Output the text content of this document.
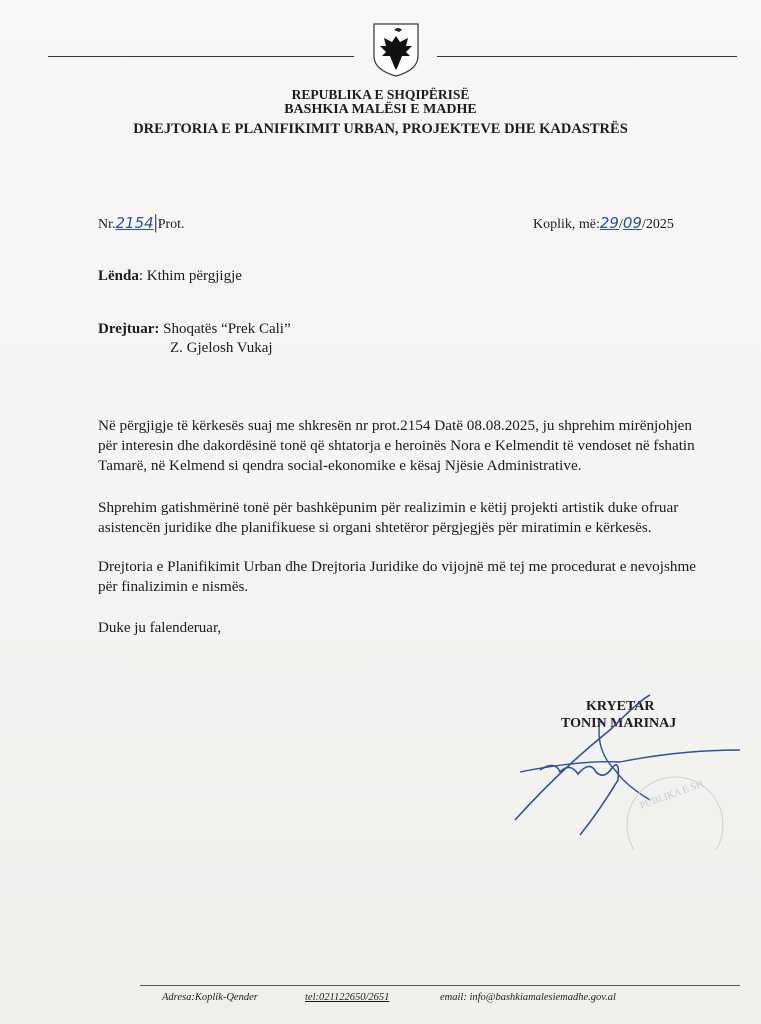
REPUBLIKA E SHQIPËRISË
BASHKIA MALËSI E MADHE
DREJTORIA E PLANIFIKIMIT URBAN, PROJEKTEVE DHE KADASTRËS
Nr.2154|Prot.	Koplik, më:29/09/2025
Lënda: Kthim përgjigje
Drejtuar: Shoqatës “Prek Cali”
Z. Gjelosh Vukaj
Në përgjigje të kërkesës suaj me shkresën nr prot.2154 Datë 08.08.2025, ju shprehim mirënjohjen
për interesin dhe dakordësinë tonë që shtatorja e heroinës Nora e Kelmendit të vendoset në fshatin
Tamarë, në Kelmend si qendra social-ekonomike e kësaj Njësie Administrative.
Shprehim gatishmërinë tonë për bashkëpunim për realizimin e këtij projekti artistik duke ofruar
asistencën juridike dhe planifikuese si organi shtetëror përgjegjës për miratimin e kërkesës.
Drejtoria e Planifikimit Urban dhe Drejtoria Juridike do vijojnë më tej me procedurat e nevojshme
për finalizimin e nismës.
Duke ju falenderuar,
KRYETAR
TONIN MARINAJ
PUBLIKA E SH
Adresa:Koplik-Qender	tel:021122650/2651	email: info@bashkiamalesiemadhe.gov.al
